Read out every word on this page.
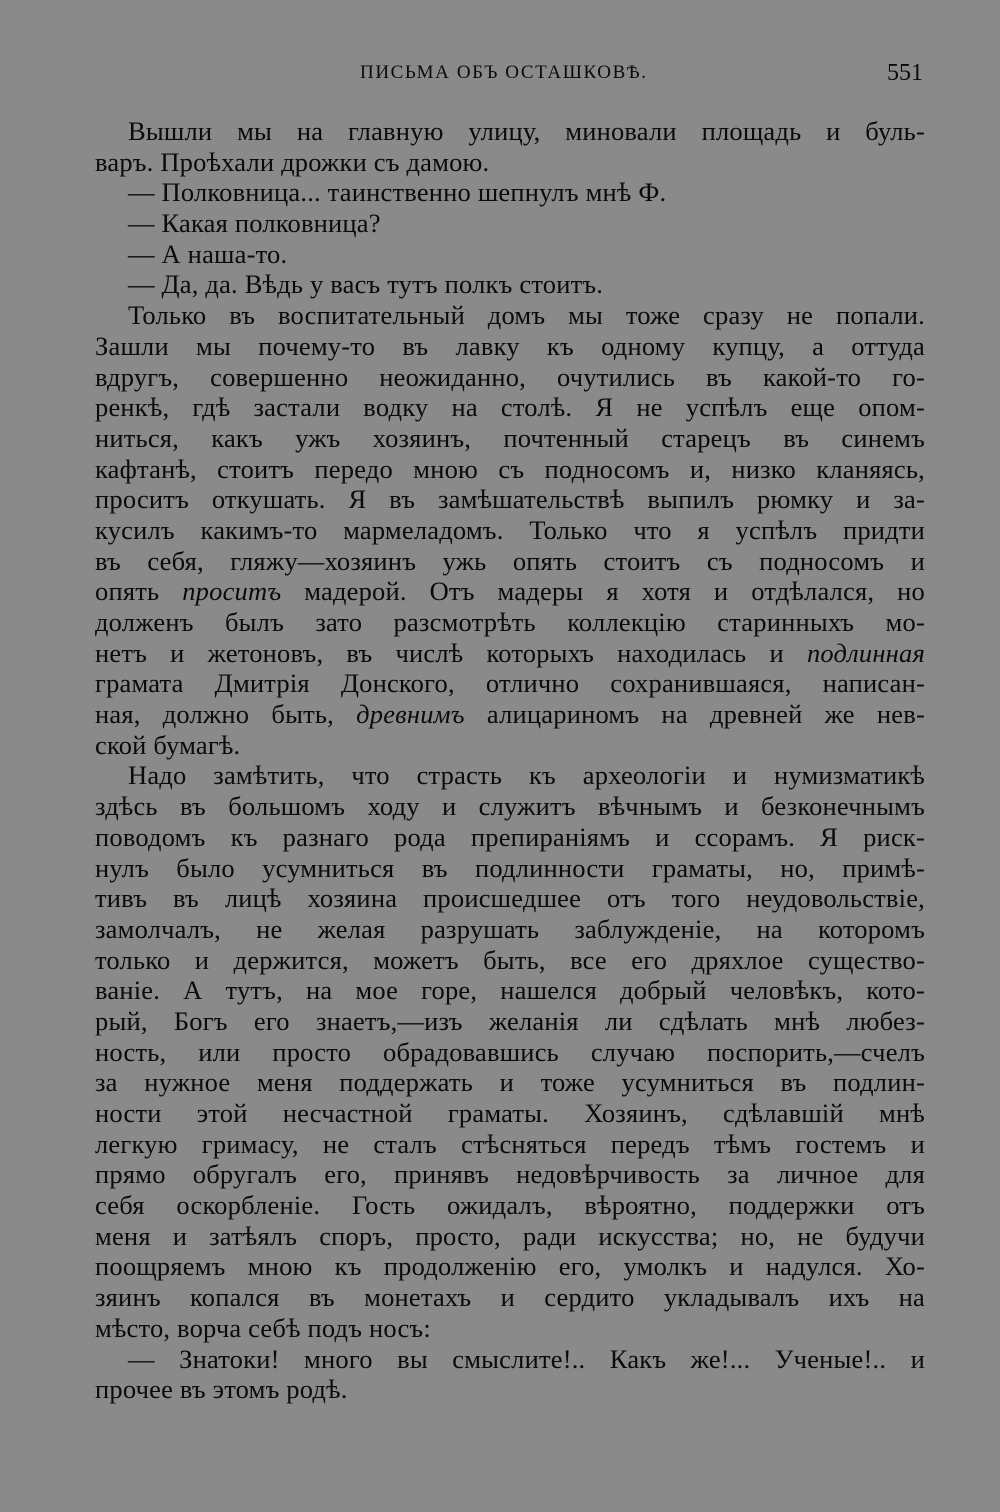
ПИСЬМА ОБЪ ОСТАШКОВѢ.	551
Вышли мы на главную улицу, миновали площадь и буль-
варъ. Проѣхали дрожки съ дамою.
— Полковница... таинственно шепнулъ мнѣ Ф.
— Какая полковница?
— А наша-то.
— Да, да. Вѣдь у васъ тутъ полкъ стоитъ.
Только въ воспитательный домъ мы тоже сразу не попали.
Зашли мы почему-то въ лавку къ одному купцу, а оттуда
вдругъ, совершенно неожиданно, очутились въ какой-то го-
ренкѣ, гдѣ застали водку на столѣ. Я не успѣлъ еще опом-
ниться, какъ ужъ хозяинъ, почтенный старецъ въ синемъ
кафтанѣ, стоитъ передо мною съ подносомъ и, низко кланяясь,
проситъ откушать. Я въ замѣшательствѣ выпилъ рюмку и за-
кусилъ какимъ-то мармеладомъ. Только что я успѣлъ придти
въ себя, гляжу—хозяинъ ужь опять стоитъ съ подносомъ и
опять проситъ мадерой. Отъ мадеры я хотя и отдѣлался, но
долженъ былъ зато разсмотрѣть коллекцію старинныхъ мо-
нетъ и жетоновъ, въ числѣ которыхъ находилась и подлинная
грамата Дмитрія Донского, отлично сохранившаяся, написан-
ная, должно быть, древнимъ алицариномъ на древней же нев-
ской бумагѣ.
Надо замѣтить, что страсть къ археологіи и нумизматикѣ
здѣсь въ большомъ ходу и служитъ вѣчнымъ и безконечнымъ
поводомъ къ разнаго рода препираніямъ и ссорамъ. Я риск-
нулъ было усумниться въ подлинности граматы, но, примѣ-
тивъ въ лицѣ хозяина происшедшее отъ того неудовольствіе,
замолчалъ, не желая разрушать заблужденіе, на которомъ
только и держится, можетъ быть, все его дряхлое существо-
ваніе. А тутъ, на мое горе, нашелся добрый человѣкъ, кото-
рый, Богъ его знаетъ,—изъ желанія ли сдѣлать мнѣ любез-
ность, или просто обрадовавшись случаю поспорить,—счелъ
за нужное меня поддержать и тоже усумниться въ подлин-
ности этой несчастной граматы. Хозяинъ, сдѣлавшій мнѣ
легкую гримасу, не сталъ стѣсняться передъ тѣмъ гостемъ и
прямо обругалъ его, принявъ недовѣрчивость за личное для
себя оскорбленіе. Гость ожидалъ, вѣроятно, поддержки отъ
меня и затѣялъ споръ, просто, ради искусства; но, не будучи
поощряемъ мною къ продолженію его, умолкъ и надулся. Хо-
зяинъ копался въ монетахъ и сердито укладывалъ ихъ на
мѣсто, ворча себѣ подъ носъ:
— Знатоки! много вы смыслите!.. Какъ же!... Ученые!.. и
прочее въ этомъ родѣ.
